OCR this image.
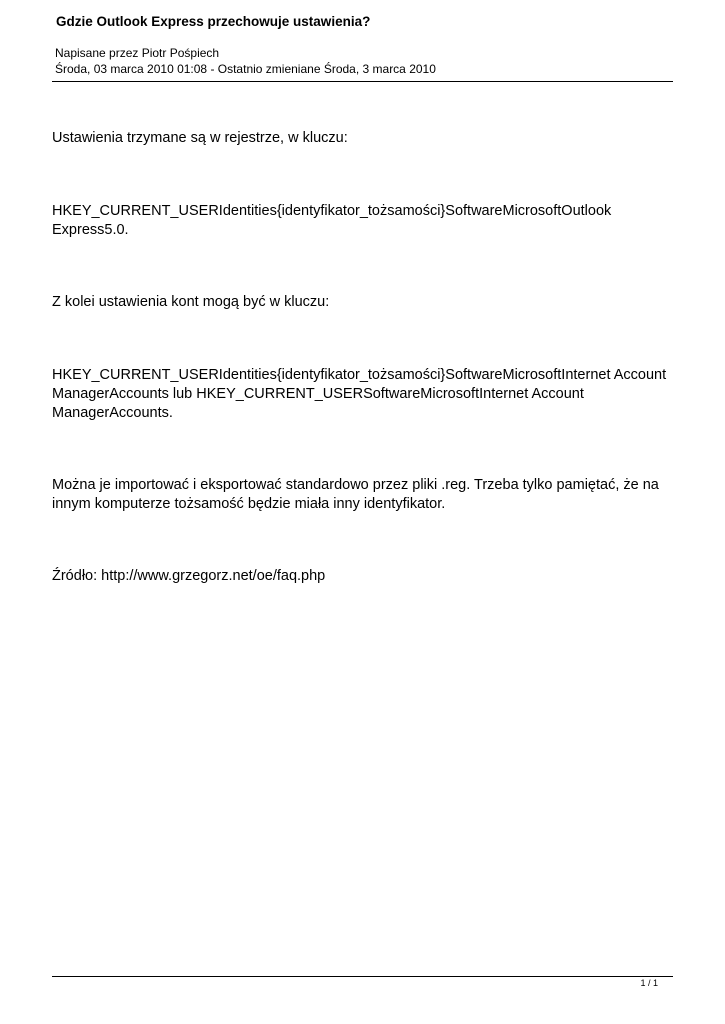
Gdzie Outlook Express przechowuje ustawienia?
Napisane przez Piotr Pośpiech
Środa, 03 marca 2010 01:08 - Ostatnio zmieniane Środa, 3 marca 2010
Ustawienia trzymane są w rejestrze, w kluczu:
HKEY_CURRENT_USERIdentities{identyfikator_tożsamości}SoftwareMicrosoftOutlook
Express5.0.
Z kolei ustawienia kont mogą być w kluczu:
HKEY_CURRENT_USERIdentities{identyfikator_tożsamości}SoftwareMicrosoftInternet Account
ManagerAccounts lub HKEY_CURRENT_USERSoftwareMicrosoftInternet Account
ManagerAccounts.
Można je importować i eksportować standardowo przez pliki .reg. Trzeba tylko pamiętać, że na
innym komputerze tożsamość będzie miała inny identyfikator.
Źródło: http://www.grzegorz.net/oe/faq.php
1 / 1
